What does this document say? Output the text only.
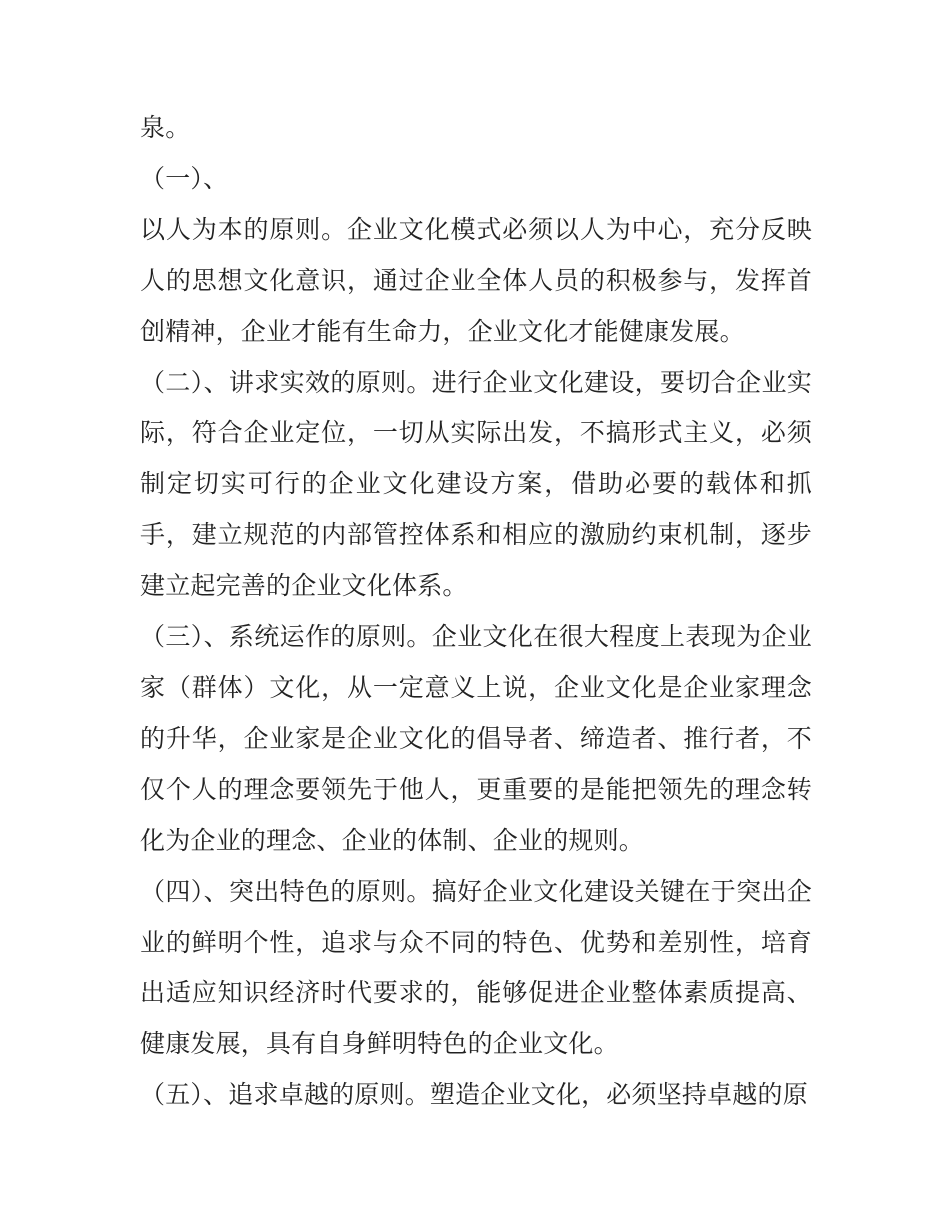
泉。

（一）、

以人为本的原则。企业文化模式必须以人为中心，充分反映人的思想文化意识，通过企业全体人员的积极参与，发挥首创精神，企业才能有生命力，企业文化才能健康发展。

（二）、讲求实效的原则。进行企业文化建设，要切合企业实际，符合企业定位，一切从实际出发，不搞形式主义，必须制定切实可行的企业文化建设方案，借助必要的载体和抓手，建立规范的内部管控体系和相应的激励约束机制，逐步建立起完善的企业文化体系。

（三）、系统运作的原则。企业文化在很大程度上表现为企业家（群体）文化，从一定意义上说，企业文化是企业家理念的升华，企业家是企业文化的倡导者、缔造者、推行者，不仅个人的理念要领先于他人，更重要的是能把领先的理念转化为企业的理念、企业的体制、企业的规则。

（四）、突出特色的原则。搞好企业文化建设关键在于突出企业的鲜明个性，追求与众不同的特色、优势和差别性，培育出适应知识经济时代要求的，能够促进企业整体素质提高、健康发展，具有自身鲜明特色的企业文化。

（五）、追求卓越的原则。塑造企业文化，必须坚持卓越的原
